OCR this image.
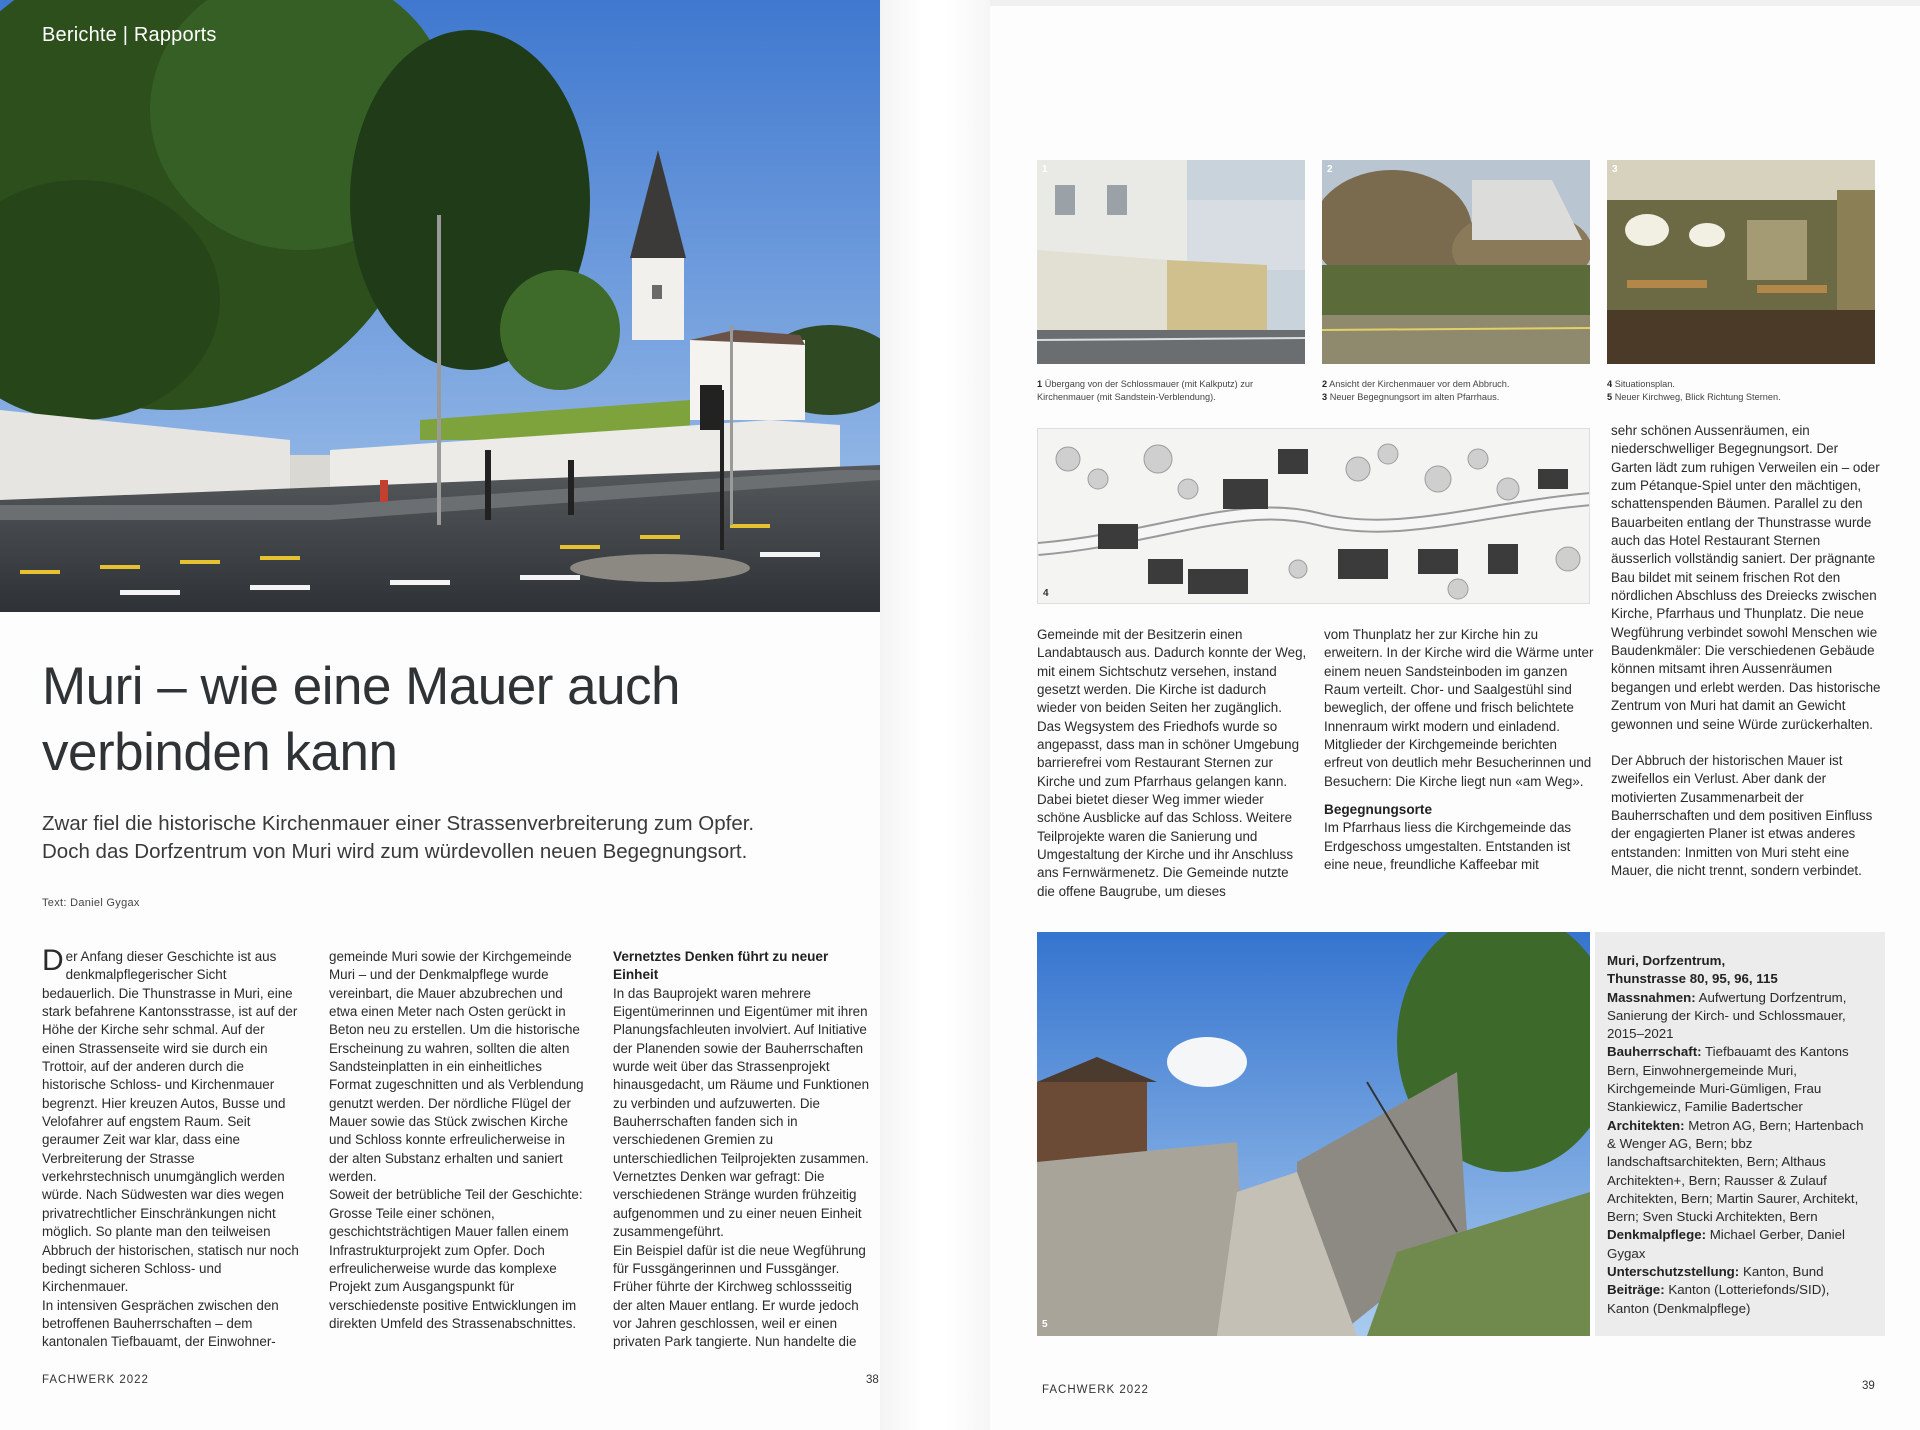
Berichte | Rapports
Muri – wie eine Mauer auch
verbinden kann
Zwar fiel die historische Kirchenmauer einer Strassenverbreiterung zum Opfer.
Doch das Dorfzentrum von Muri wird zum würdevollen neuen Begegnungsort.
Text: Daniel Gygax

Der Anfang dieser Geschichte ist aus denkmalpflegerischer Sicht bedauerlich. Die Thunstrasse in Muri, eine stark befahrene Kantonsstrasse, ist auf der Höhe der Kirche sehr schmal. Auf der einen Strassenseite wird sie durch ein Trottoir, auf der anderen durch die historische Schloss- und Kirchenmauer begrenzt. Hier kreuzen Autos, Busse und Velofahrer auf engstem Raum. Seit geraumer Zeit war klar, dass eine Verbreiterung der Strasse verkehrstechnisch unumgänglich werden würde. Nach Südwesten war dies wegen privatrechtlicher Einschränkungen nicht möglich. So plante man den teilweisen Abbruch der historischen, statisch nur noch bedingt sicheren Schloss- und Kirchenmauer.

In intensiven Gesprächen zwischen den betroffenen Bauherrschaften – dem kantonalen Tiefbauamt, der Einwohner-

gemeinde Muri sowie der Kirchgemeinde Muri – und der Denkmalpflege wurde vereinbart, die Mauer abzubrechen und etwa einen Meter nach Osten gerückt in Beton neu zu erstellen. Um die historische Erscheinung zu wahren, sollten die alten Sandsteinplatten in ein einheitliches Format zugeschnitten und als Verblendung genutzt werden. Der nördliche Flügel der Mauer sowie das Stück zwischen Kirche und Schloss konnte erfreulicherweise in der alten Substanz erhalten und saniert werden.

Soweit der betrübliche Teil der Geschichte: Grosse Teile einer schönen, geschichtsträchtigen Mauer fallen einem Infrastrukturprojekt zum Opfer. Doch erfreulicherweise wurde das komplexe Projekt zum Ausgangspunkt für verschiedenste positive Entwicklungen im direkten Umfeld des Strassenabschnittes.

Vernetztes Denken führt zu neuer Einheit

In das Bauprojekt waren mehrere Eigentümerinnen und Eigentümer mit ihren Planungsfachleuten involviert. Auf Initiative der Planenden sowie der Bauherrschaften wurde weit über das Strassenprojekt hinausgedacht, um Räume und Funktionen zu verbinden und aufzuwerten. Die Bauherrschaften fanden sich in verschiedenen Gremien zu unterschiedlichen Teilprojekten zusammen. Vernetztes Denken war gefragt: Die verschiedenen Stränge wurden frühzeitig aufgenommen und zu einer neuen Einheit zusammengeführt.

Ein Beispiel dafür ist die neue Wegführung für Fussgängerinnen und Fussgänger. Früher führte der Kirchweg schlossseitig der alten Mauer entlang. Er wurde jedoch vor Jahren geschlossen, weil er einen privaten Park tangierte. Nun handelte die

FACHWERK 2022	38
1	2	3
1 Übergang von der Schlossmauer (mit Kalkputz) zur Kirchenmauer (mit Sandstein-Verblendung).
2 Ansicht der Kirchenmauer vor dem Abbruch.
3 Neuer Begegnungsort im alten Pfarrhaus.
4 Situationsplan.
5 Neuer Kirchweg, Blick Richtung Sternen.
4

Gemeinde mit der Besitzerin einen Landabtausch aus. Dadurch konnte der Weg, mit einem Sichtschutz versehen, instand gesetzt werden. Die Kirche ist dadurch wieder von beiden Seiten her zugänglich. Das Wegsystem des Friedhofs wurde so angepasst, dass man in schöner Umgebung barrierefrei vom Restaurant Sternen zur Kirche und zum Pfarrhaus gelangen kann. Dabei bietet dieser Weg immer wieder schöne Ausblicke auf das Schloss. Weitere Teilprojekte waren die Sanierung und Umgestaltung der Kirche und ihr Anschluss ans Fernwärmenetz. Die Gemeinde nutzte die offene Baugrube, um dieses

vom Thunplatz her zur Kirche hin zu erweitern. In der Kirche wird die Wärme unter einem neuen Sandsteinboden im ganzen Raum verteilt. Chor- und Saalgestühl sind beweglich, der offene und frisch belichtete Innenraum wirkt modern und einladend. Mitglieder der Kirchgemeinde berichten erfreut von deutlich mehr Besucherinnen und Besuchern: Die Kirche liegt nun «am Weg».

Begegnungsorte

Im Pfarrhaus liess die Kirchgemeinde das Erdgeschoss umgestalten. Entstanden ist eine neue, freundliche Kaffeebar mit

sehr schönen Aussenräumen, ein niederschwelliger Begegnungsort. Der Garten lädt zum ruhigen Verweilen ein – oder zum Pétanque-Spiel unter den mächtigen, schattenspenden Bäumen. Parallel zu den Bauarbeiten entlang der Thunstrasse wurde auch das Hotel Restaurant Sternen äusserlich vollständig saniert. Der prägnante Bau bildet mit seinem frischen Rot den nördlichen Abschluss des Dreiecks zwischen Kirche, Pfarrhaus und Thunplatz. Die neue Wegführung verbindet sowohl Menschen wie Baudenkmäler: Die verschiedenen Gebäude können mitsamt ihren Aussenräumen begangen und erlebt werden. Das historische Zentrum von Muri hat damit an Gewicht gewonnen und seine Würde zurückerhalten.

Der Abbruch der historischen Mauer ist zweifellos ein Verlust. Aber dank der motivierten Zusammenarbeit der Bauherrschaften und dem positiven Einfluss der engagierten Planer ist etwas anderes entstanden: Inmitten von Muri steht eine Mauer, die nicht trennt, sondern verbindet.

5
Muri, Dorfzentrum,
Thunstrasse 80, 95, 96, 115
Massnahmen: Aufwertung Dorfzentrum, Sanierung der Kirch- und Schlossmauer, 2015–2021
Bauherrschaft: Tiefbauamt des Kantons Bern, Einwohnergemeinde Muri, Kirchgemeinde Muri-Gümligen, Frau Stankiewicz, Familie Badertscher
Architekten: Metron AG, Bern; Hartenbach & Wenger AG, Bern; bbz landschaftsarchitekten, Bern; Althaus Architekten+, Bern; Rausser & Zulauf Architekten, Bern; Martin Saurer, Architekt, Bern; Sven Stucki Architekten, Bern
Denkmalpflege: Michael Gerber, Daniel Gygax
Unterschutzstellung: Kanton, Bund
Beiträge: Kanton (Lotteriefonds/SID), Kanton (Denkmalpflege)
FACHWERK 2022	39
